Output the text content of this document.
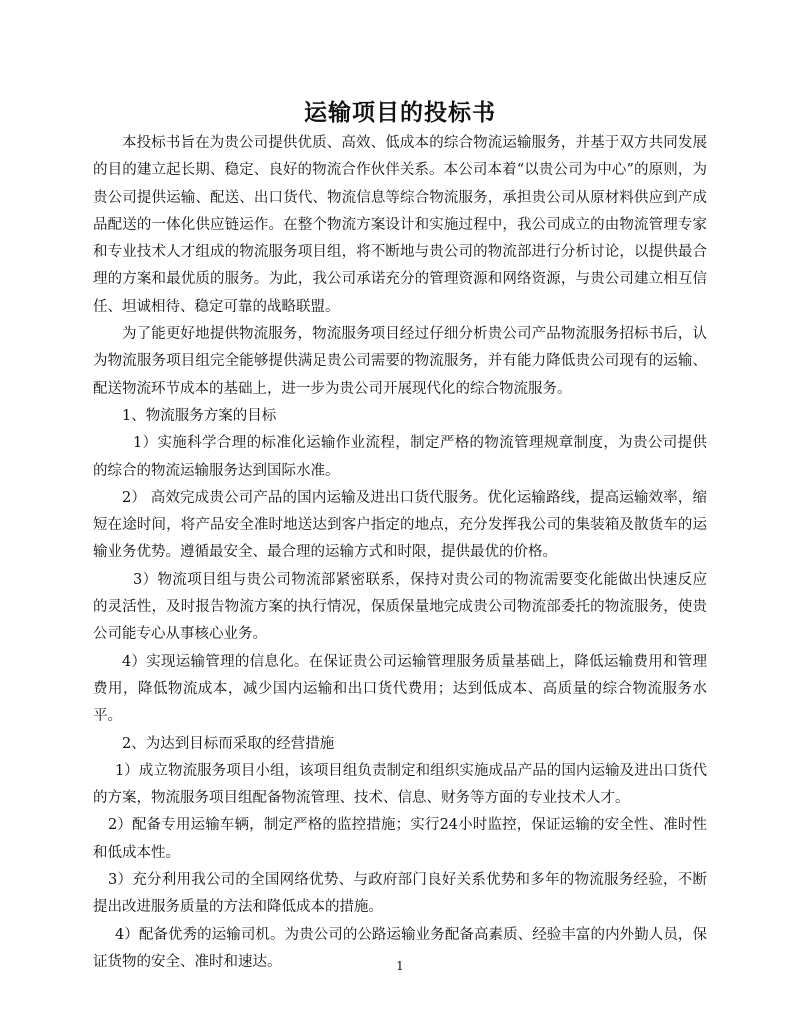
运输项目的投标书

本投标书旨在为贵公司提供优质、高效、低成本的综合物流运输服务，并基于双方共同发展的目的建立起长期、稳定、良好的物流合作伙伴关系。本公司本着“以贵公司为中心”的原则，为贵公司提供运输、配送、出口货代、物流信息等综合物流服务，承担贵公司从原材料供应到产成品配送的一体化供应链运作。在整个物流方案设计和实施过程中，我公司成立的由物流管理专家和专业技术人才组成的物流服务项目组，将不断地与贵公司的物流部进行分析讨论，以提供最合理的方案和最优质的服务。为此，我公司承诺充分的管理资源和网络资源，与贵公司建立相互信任、坦诚相待、稳定可靠的战略联盟。

为了能更好地提供物流服务，物流服务项目经过仔细分析贵公司产品物流服务招标书后，认为物流服务项目组完全能够提供满足贵公司需要的物流服务，并有能力降低贵公司现有的运输、配送物流环节成本的基础上，进一步为贵公司开展现代化的综合物流服务。

1、物流服务方案的目标

1）实施科学合理的标准化运输作业流程，制定严格的物流管理规章制度，为贵公司提供的综合的物流运输服务达到国际水准。

2） 高效完成贵公司产品的国内运输及进出口货代服务。优化运输路线，提高运输效率，缩短在途时间，将产品安全准时地送达到客户指定的地点，充分发挥我公司的集装箱及散货车的运输业务优势。遵循最安全、最合理的运输方式和时限，提供最优的价格。

3）物流项目组与贵公司物流部紧密联系，保持对贵公司的物流需要变化能做出快速反应的灵活性，及时报告物流方案的执行情况，保质保量地完成贵公司物流部委托的物流服务，使贵公司能专心从事核心业务。

4）实现运输管理的信息化。在保证贵公司运输管理服务质量基础上，降低运输费用和管理费用，降低物流成本，减少国内运输和出口货代费用；达到低成本、高质量的综合物流服务水平。

2、为达到目标而采取的经营措施

1）成立物流服务项目小组，该项目组负责制定和组织实施成品产品的国内运输及进出口货代的方案，物流服务项目组配备物流管理、技术、信息、财务等方面的专业技术人才。

2）配备专用运输车辆，制定严格的监控措施；实行24小时监控，保证运输的安全性、准时性和低成本性。

3）充分利用我公司的全国网络优势、与政府部门良好关系优势和多年的物流服务经验，不断提出改进服务质量的方法和降低成本的措施。

4）配备优秀的运输司机。为贵公司的公路运输业务配备高素质、经验丰富的内外勤人员，保证货物的安全、准时和速达。	1
